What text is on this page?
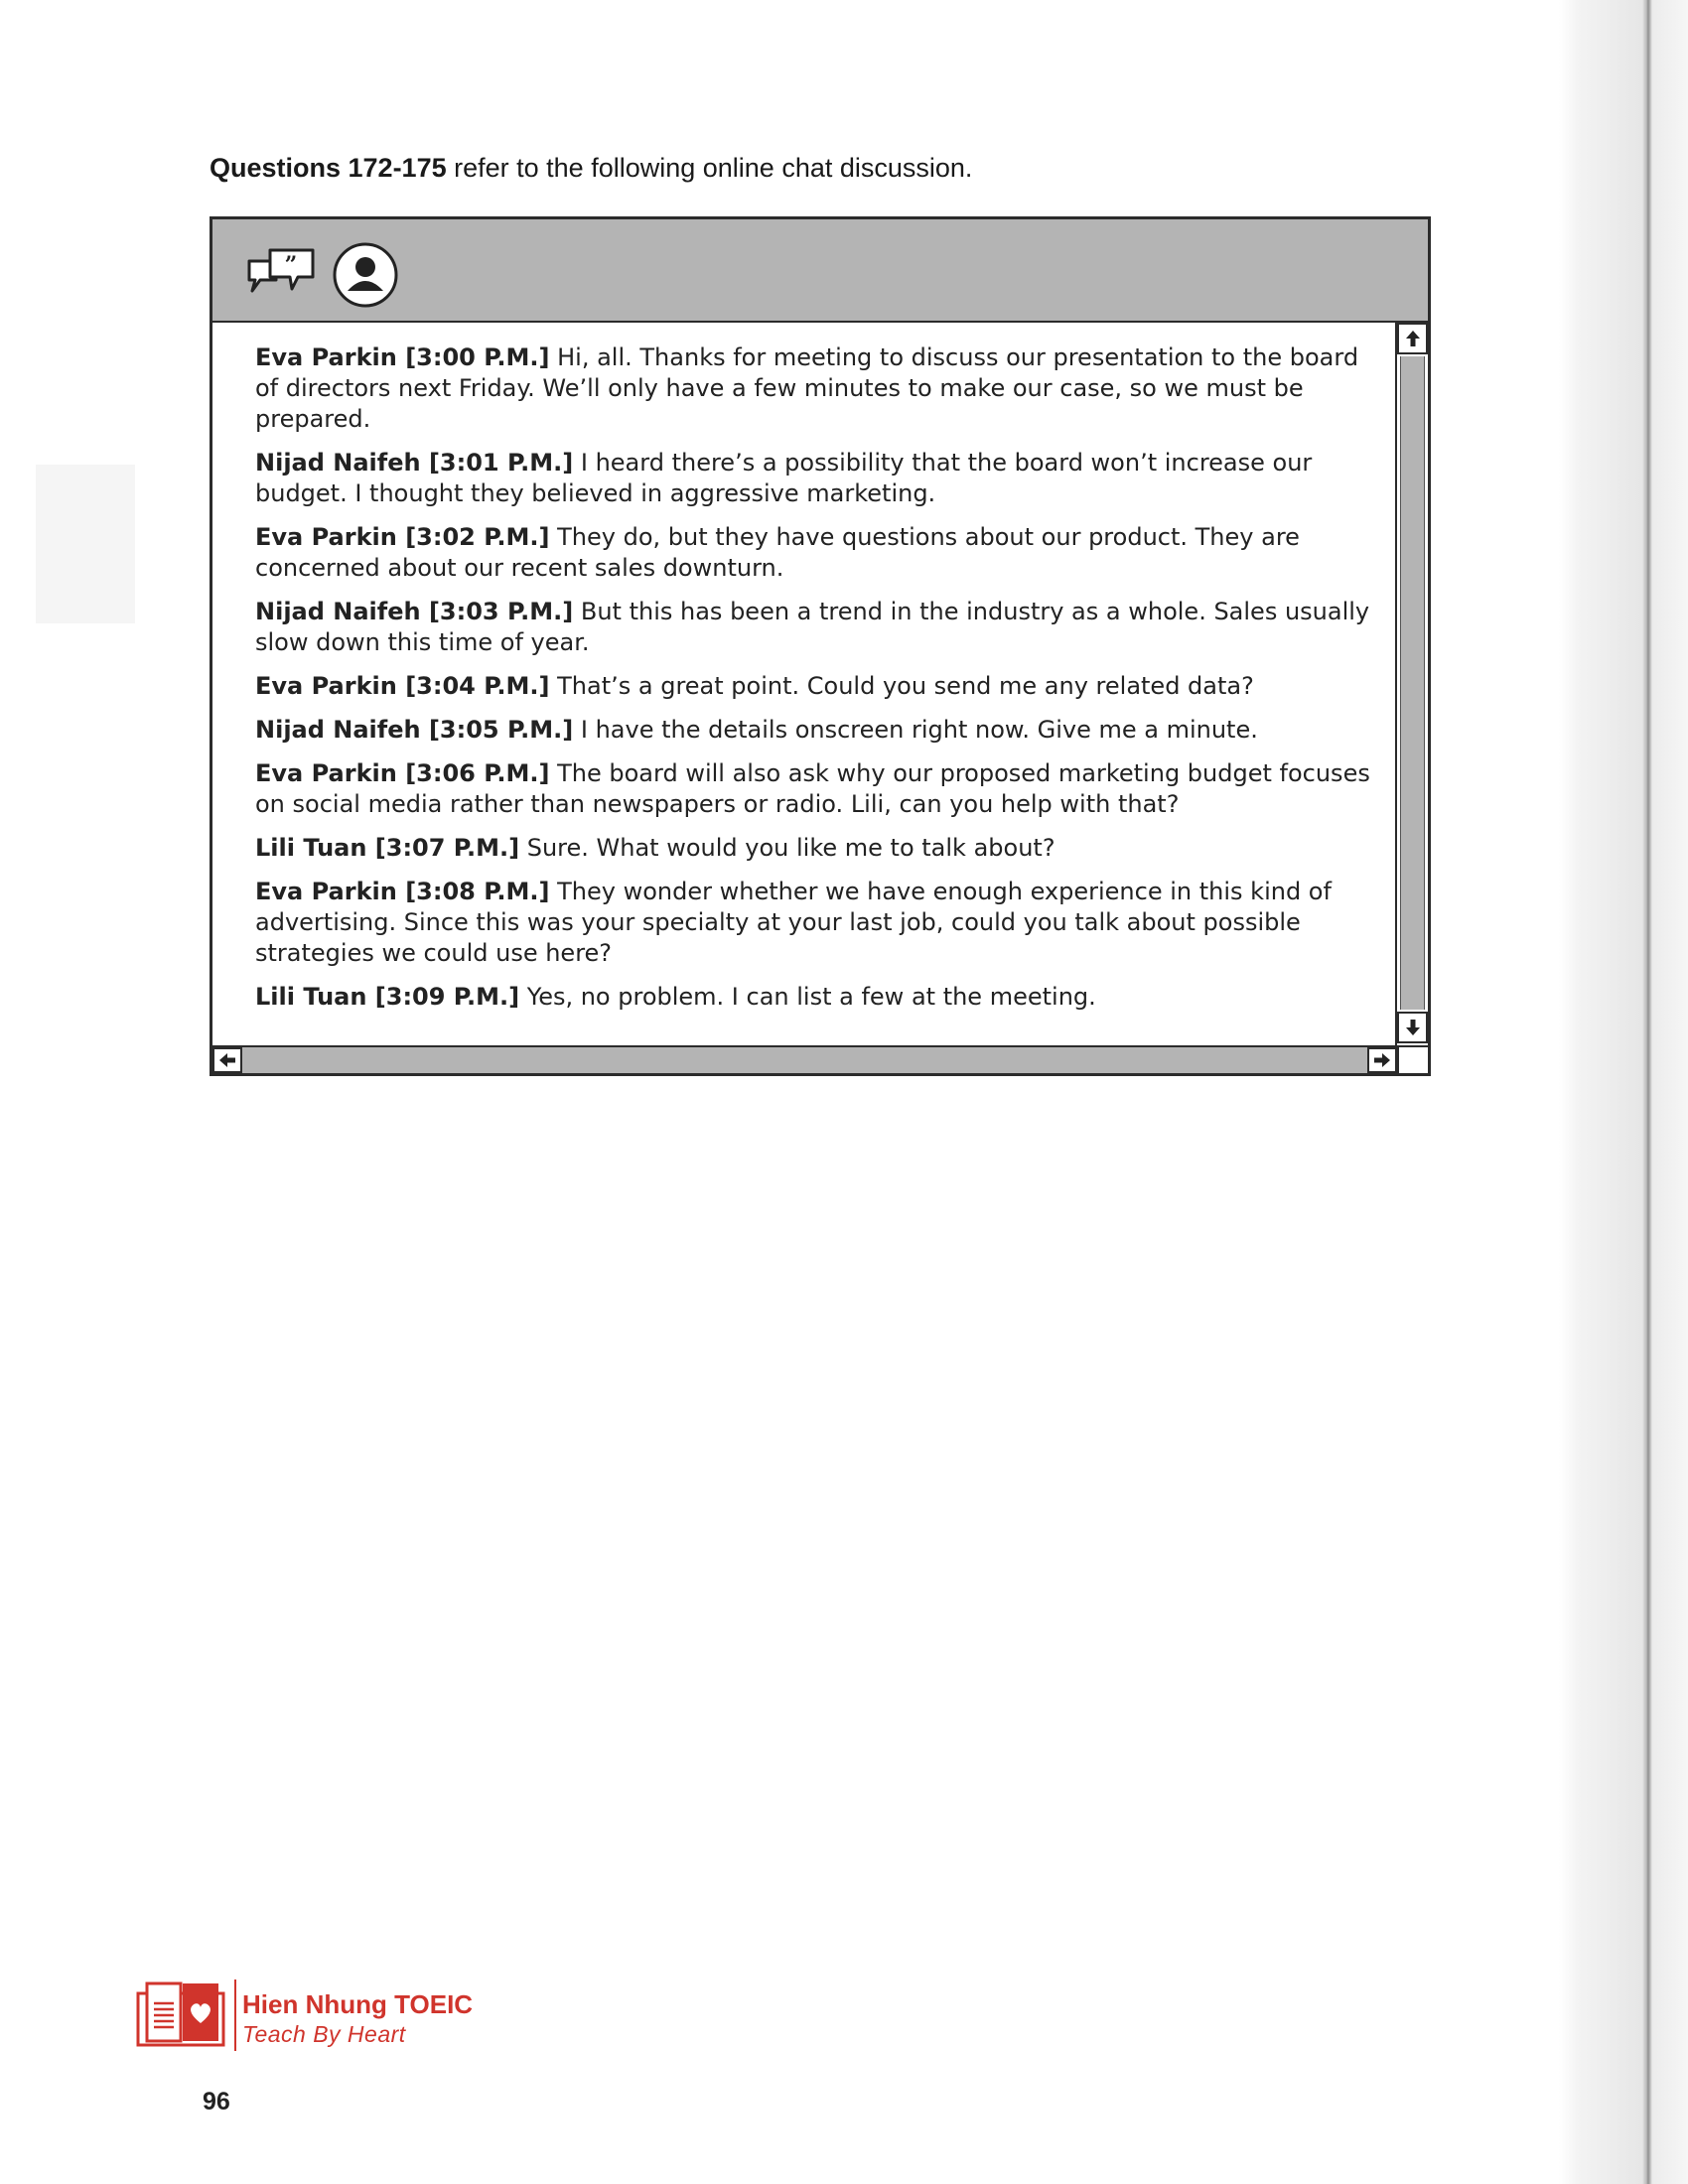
Questions 172-175 refer to the following online chat discussion.
”

Eva Parkin [3:00 P.M.] Hi, all. Thanks for meeting to discuss our presentation to the board of directors next Friday. We’ll only have a few minutes to make our case, so we must be prepared.

Nijad Naifeh [3:01 P.M.] I heard there’s a possibility that the board won’t increase our budget. I thought they believed in aggressive marketing.

Eva Parkin [3:02 P.M.] They do, but they have questions about our product. They are concerned about our recent sales downturn.

Nijad Naifeh [3:03 P.M.] But this has been a trend in the industry as a whole. Sales usually slow down this time of year.

Eva Parkin [3:04 P.M.] That’s a great point. Could you send me any related data?

Nijad Naifeh [3:05 P.M.] I have the details onscreen right now. Give me a minute.

Eva Parkin [3:06 P.M.] The board will also ask why our proposed marketing budget focuses on social media rather than newspapers or radio. Lili, can you help with that?

Lili Tuan [3:07 P.M.] Sure. What would you like me to talk about?

Eva Parkin [3:08 P.M.] They wonder whether we have enough experience in this kind of advertising. Since this was your specialty at your last job, could you talk about possible strategies we could use here?

Lili Tuan [3:09 P.M.] Yes, no problem. I can list a few at the meeting.

Hien Nhung TOEIC
Teach By Heart
96
